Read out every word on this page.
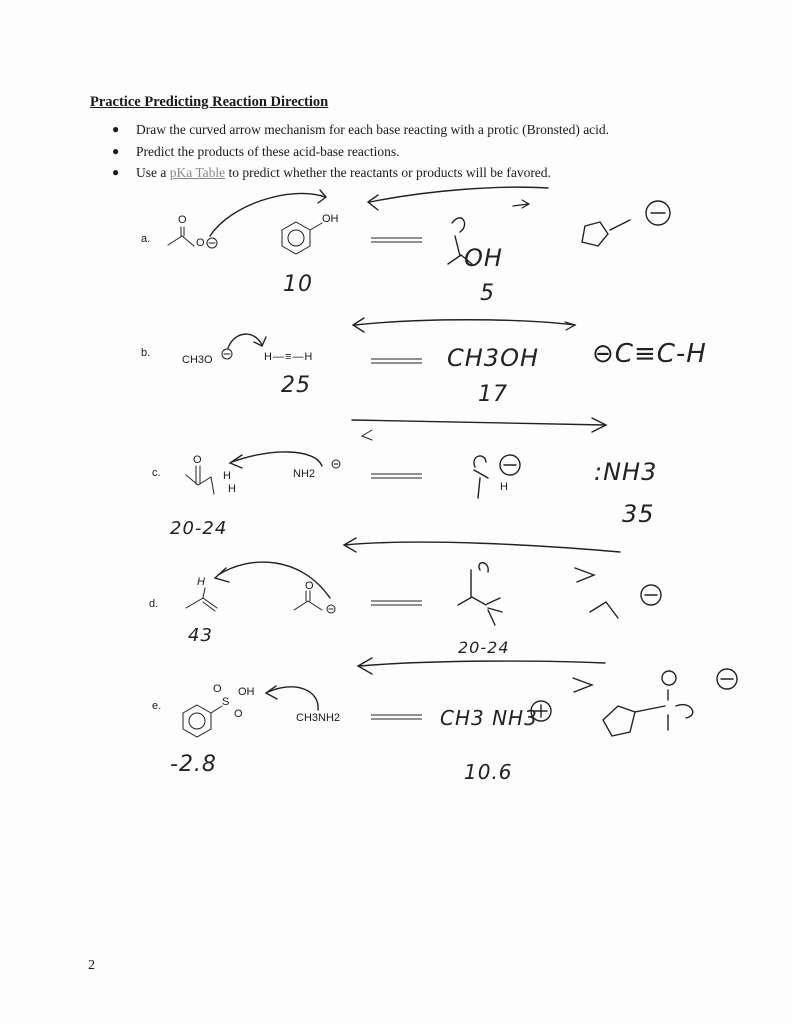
Practice Predicting Reaction Direction
● Draw the curved arrow mechanism for each base reacting with a protic (Bronsted) acid.
● Predict the products of these acid-base reactions.
● Use a pKa Table to predict whether the reactants or products will be favored.
a.
b.
c.
d.
e.
CH3O	H—≡—H
NH2
CH3NH2
O
O
OH
O
H
H	H
O
H
O
S
OH
O
10
OH
5
25
CH3OH
17
⊖C≡C-H
20-24
:NH3
35
43
20-24
-2.8
CH3 NH3
10.6
2
